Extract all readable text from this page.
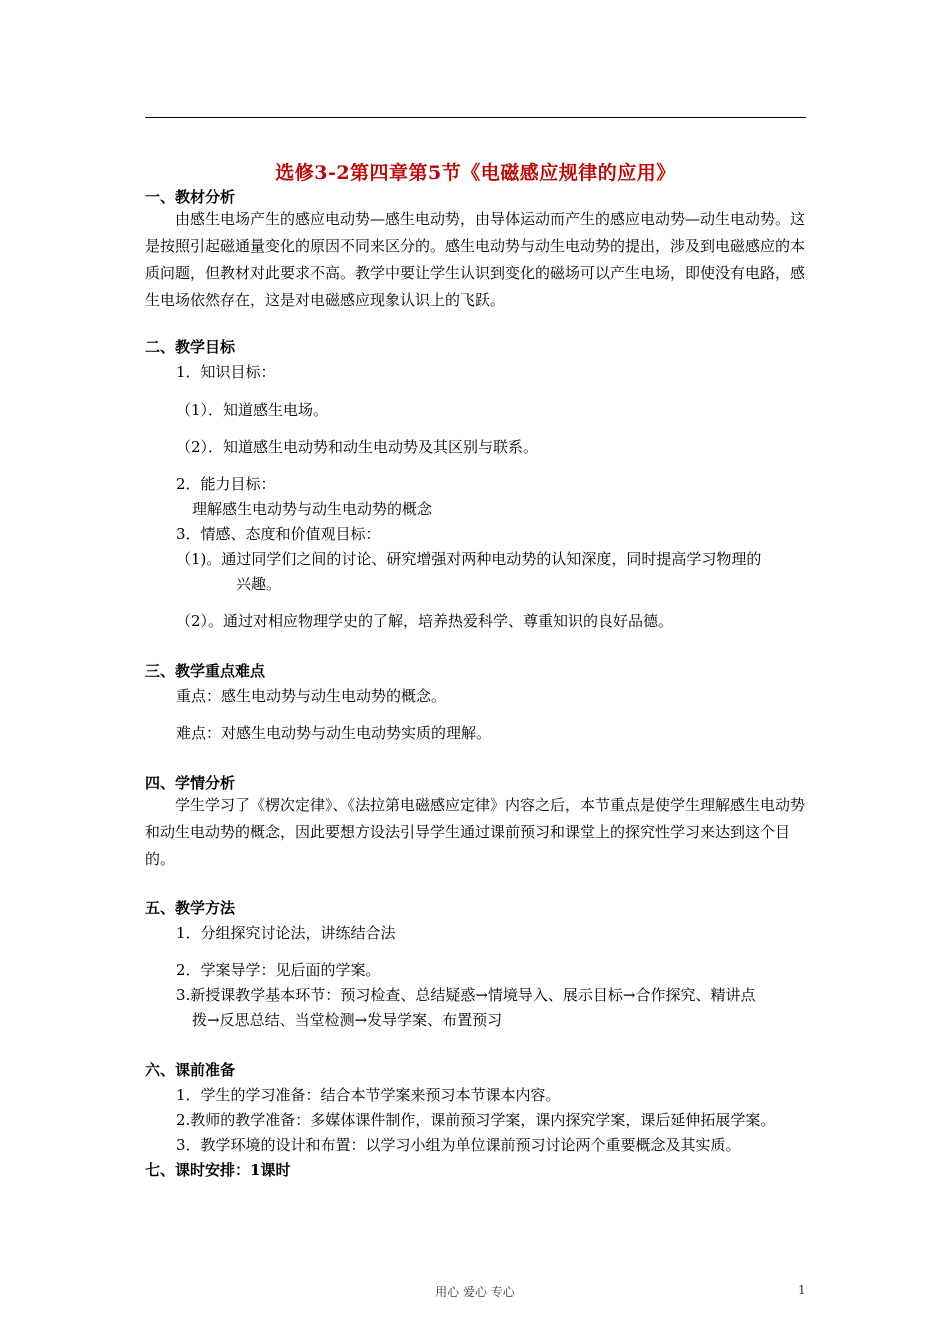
选修3-2第四章第5节《电磁感应规律的应用》
一、教材分析
由感生电场产生的感应电动势—感生电动势，由导体运动而产生的感应电动势—动生电动势。这是按照引起磁通量变化的原因不同来区分的。感生电动势与动生电动势的提出，涉及到电磁感应的本质问题，但教材对此要求不高。教学中要让学生认识到变化的磁场可以产生电场，即使没有电路，感生电场依然存在，这是对电磁感应现象认识上的飞跃。
二、教学目标
1．知识目标：
（1）．知道感生电场。
（2）．知道感生电动势和动生电动势及其区别与联系。
2．能力目标：
理解感生电动势与动生电动势的概念
3．情感、态度和价值观目标：
（1)。通过同学们之间的讨论、研究增强对两种电动势的认知深度，同时提高学习物理的
兴趣。
（2）。通过对相应物理学史的了解，培养热爱科学、尊重知识的良好品德。
三、教学重点难点
重点：感生电动势与动生电动势的概念。
难点：对感生电动势与动生电动势实质的理解。
四、学情分析
学生学习了《楞次定律》、《法拉第电磁感应定律》内容之后，本节重点是使学生理解感生电动势和动生电动势的概念，因此要想方设法引导学生通过课前预习和课堂上的探究性学习来达到这个目的。
五、教学方法
1．分组探究讨论法，讲练结合法
2．学案导学：见后面的学案。
3.新授课教学基本环节：预习检查、总结疑惑→情境导入、展示目标→合作探究、精讲点
拨→反思总结、当堂检测→发导学案、布置预习
六、课前准备
1．学生的学习准备：结合本节学案来预习本节课本内容。
2.教师的教学准备：多媒体课件制作，课前预习学案，课内探究学案，课后延伸拓展学案。
3．教学环境的设计和布置：以学习小组为单位课前预习讨论两个重要概念及其实质。
七、课时安排：1课时
用心 爱心 专心	1
